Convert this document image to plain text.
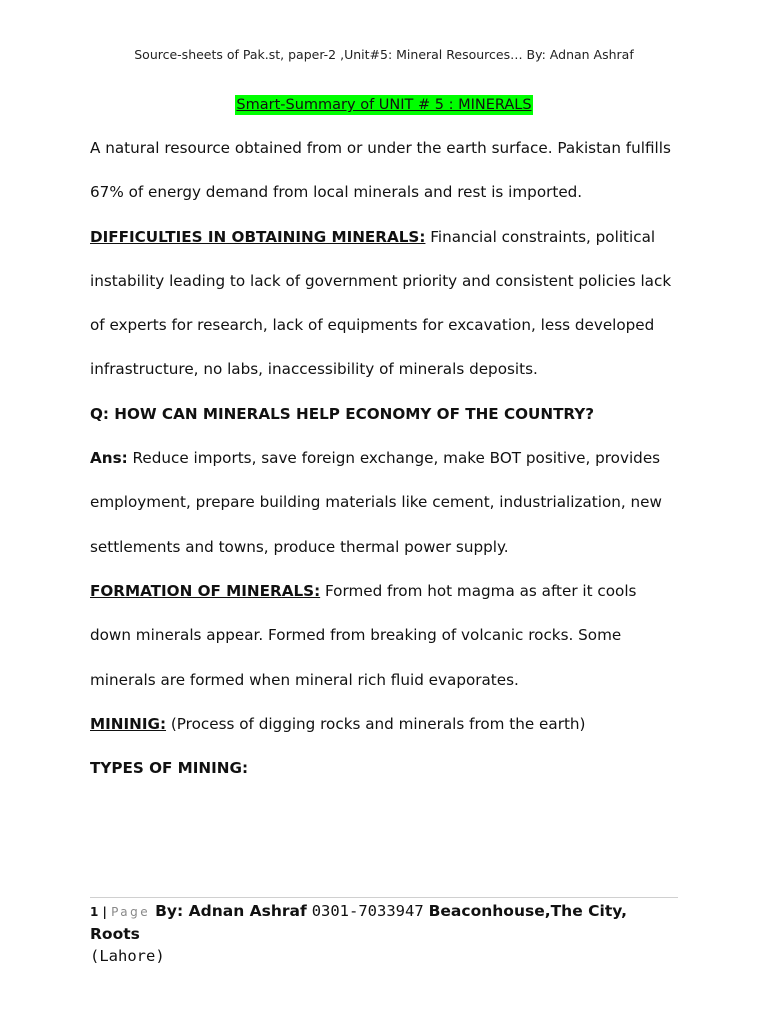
Source-sheets of Pak.st, paper-2 ,Unit#5: Mineral Resources… By: Adnan Ashraf
Smart-Summary of UNIT # 5 : MINERALS

A natural resource obtained from or under the earth surface. Pakistan fulfills 67% of energy demand from local minerals and rest is imported.

DIFFICULTIES IN OBTAINING MINERALS: Financial constraints, political instability leading to lack of government priority and consistent policies lack of experts for research, lack of equipments for excavation, less developed infrastructure, no labs, inaccessibility of minerals deposits.

Q: HOW CAN MINERALS HELP ECONOMY OF THE COUNTRY?

Ans: Reduce imports, save foreign exchange, make BOT positive, provides employment, prepare building materials like cement, industrialization, new settlements and towns, produce thermal power supply.

FORMATION OF MINERALS: Formed from hot magma as after it cools down minerals appear. Formed from breaking of volcanic rocks. Some minerals are formed when mineral rich fluid evaporates.

MININIG: (Process of digging rocks and minerals from the earth)

TYPES OF MINING:

1 | Page By: Adnan Ashraf 0301-7033947 Beaconhouse,The City, Roots
(Lahore)
